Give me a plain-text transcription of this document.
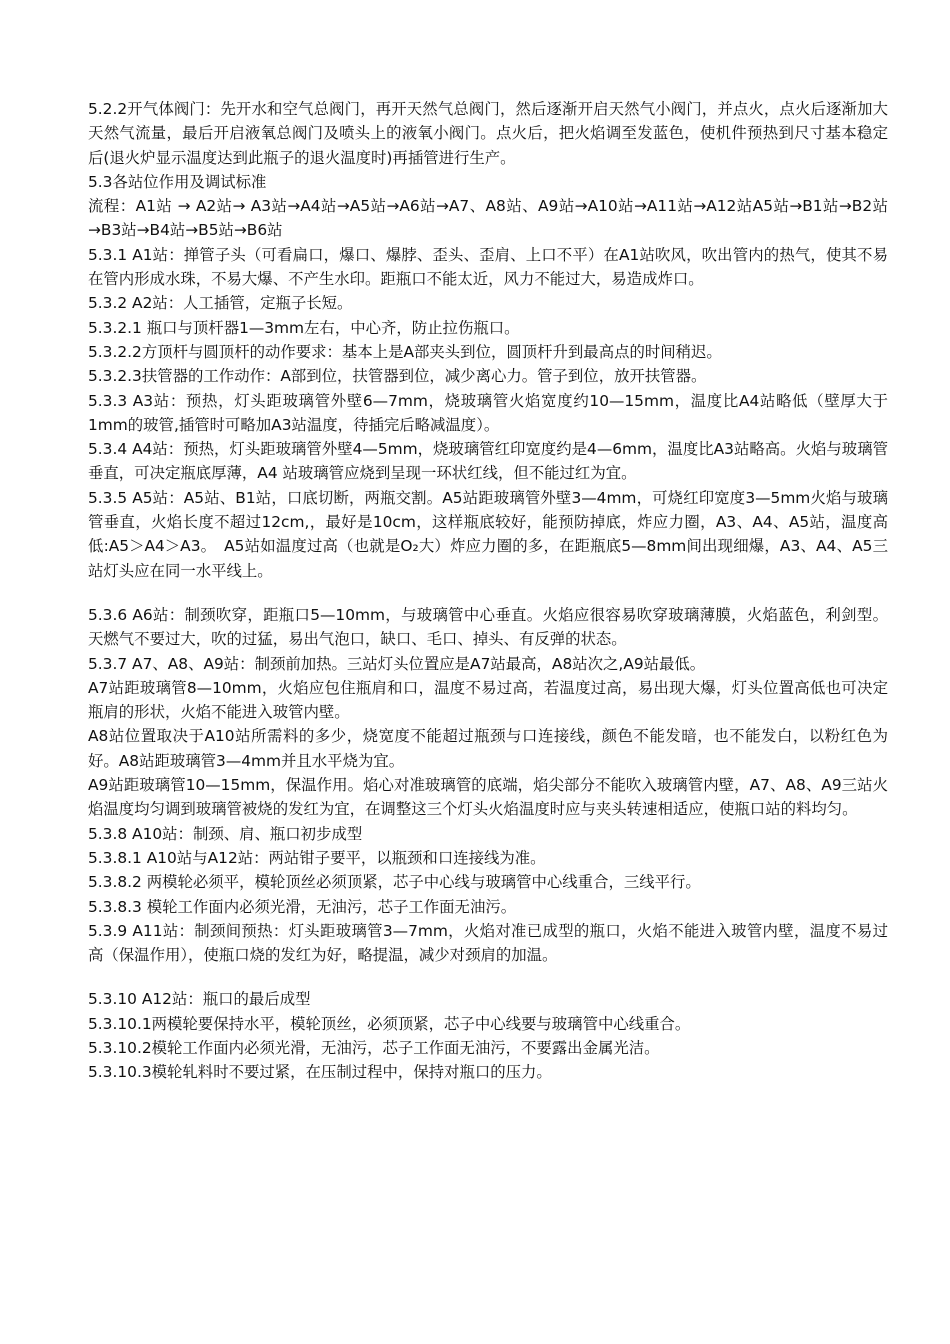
5.2.2开气体阀门：先开水和空气总阀门，再开天然气总阀门，然后逐渐开启天然气小阀门，并点火，点火后逐渐加大天然气流量，最后开启液氧总阀门及喷头上的液氧小阀门。点火后，把火焰调至发蓝色，使机件预热到尺寸基本稳定后(退火炉显示温度达到此瓶子的退火温度时)再插管进行生产。

5.3各站位作用及调试标准

流程：A1站 → A2站→ A3站→A4站→A5站→A6站→A7、A8站、A9站→A10站→A11站→A12站A5站→B1站→B2站→B3站→B4站→B5站→B6站

5.3.1 A1站：掸管子头（可看扁口，爆口、爆脖、歪头、歪肩、上口不平）在A1站吹风，吹出管内的热气，使其不易在管内形成水珠，不易大爆、不产生水印。距瓶口不能太近，风力不能过大，易造成炸口。

5.3.2 A2站：人工插管，定瓶子长短。

5.3.2.1 瓶口与顶杆器1—3mm左右，中心齐，防止拉伤瓶口。

5.3.2.2方顶杆与圆顶杆的动作要求：基本上是A部夹头到位，圆顶杆升到最高点的时间稍迟。

5.3.2.3扶管器的工作动作：A部到位，扶管器到位，减少离心力。管子到位，放开扶管器。

5.3.3 A3站：预热，灯头距玻璃管外壁6—7mm，烧玻璃管火焰宽度约10—15mm，温度比A4站略低（壁厚大于1mm的玻管,插管时可略加A3站温度，待插完后略减温度）。

5.3.4 A4站：预热，灯头距玻璃管外壁4—5mm，烧玻璃管红印宽度约是4—6mm，温度比A3站略高。火焰与玻璃管垂直，可决定瓶底厚薄，A4 站玻璃管应烧到呈现一环状红线，但不能过红为宜。

5.3.5 A5站：A5站、B1站，口底切断，两瓶交割。A5站距玻璃管外壁3—4mm，可烧红印宽度3—5mm火焰与玻璃管垂直，火焰长度不超过12cm,，最好是10cm，这样瓶底较好，能预防掉底，炸应力圈，A3、A4、A5站，温度高低:A5＞A4＞A3。　A5站如温度过高（也就是O₂大）炸应力圈的多，在距瓶底5—8mm间出现细爆，A3、A4、A5三站灯头应在同一水平线上。

5.3.6 A6站：制颈吹穿，距瓶口5—10mm，与玻璃管中心垂直。火焰应很容易吹穿玻璃薄膜，火焰蓝色，利剑型。天燃气不要过大，吹的过猛，易出气泡口，缺口、毛口、掉头、有反弹的状态。

5.3.7 A7、A8、A9站：制颈前加热。三站灯头位置应是A7站最高，A8站次之,A9站最低。

A7站距玻璃管8—10mm，火焰应包住瓶肩和口，温度不易过高，若温度过高，易出现大爆，灯头位置高低也可决定瓶肩的形状，火焰不能进入玻管内壁。

A8站位置取决于A10站所需料的多少，烧宽度不能超过瓶颈与口连接线，颜色不能发暗，也不能发白，以粉红色为好。A8站距玻璃管3—4mm并且水平烧为宜。

A9站距玻璃管10—15mm，保温作用。焰心对准玻璃管的底端，焰尖部分不能吹入玻璃管内壁，A7、A8、A9三站火焰温度均匀调到玻璃管被烧的发红为宜，在调整这三个灯头火焰温度时应与夹头转速相适应，使瓶口站的料均匀。

5.3.8 A10站：制颈、肩、瓶口初步成型

5.3.8.1 A10站与A12站：两站钳子要平，以瓶颈和口连接线为准。

5.3.8.2 两模轮必须平，模轮顶丝必须顶紧，芯子中心线与玻璃管中心线重合，三线平行。

5.3.8.3 模轮工作面内必须光滑，无油污，芯子工作面无油污。

5.3.9 A11站：制颈间预热：灯头距玻璃管3—7mm，火焰对准已成型的瓶口，火焰不能进入玻管内壁，温度不易过高（保温作用），使瓶口烧的发红为好，略提温，减少对颈肩的加温。

5.3.10 A12站：瓶口的最后成型

5.3.10.1两模轮要保持水平，模轮顶丝，必须顶紧，芯子中心线要与玻璃管中心线重合。

5.3.10.2模轮工作面内必须光滑，无油污，芯子工作面无油污，不要露出金属光洁。

5.3.10.3模轮轧料时不要过紧，在压制过程中，保持对瓶口的压力。
